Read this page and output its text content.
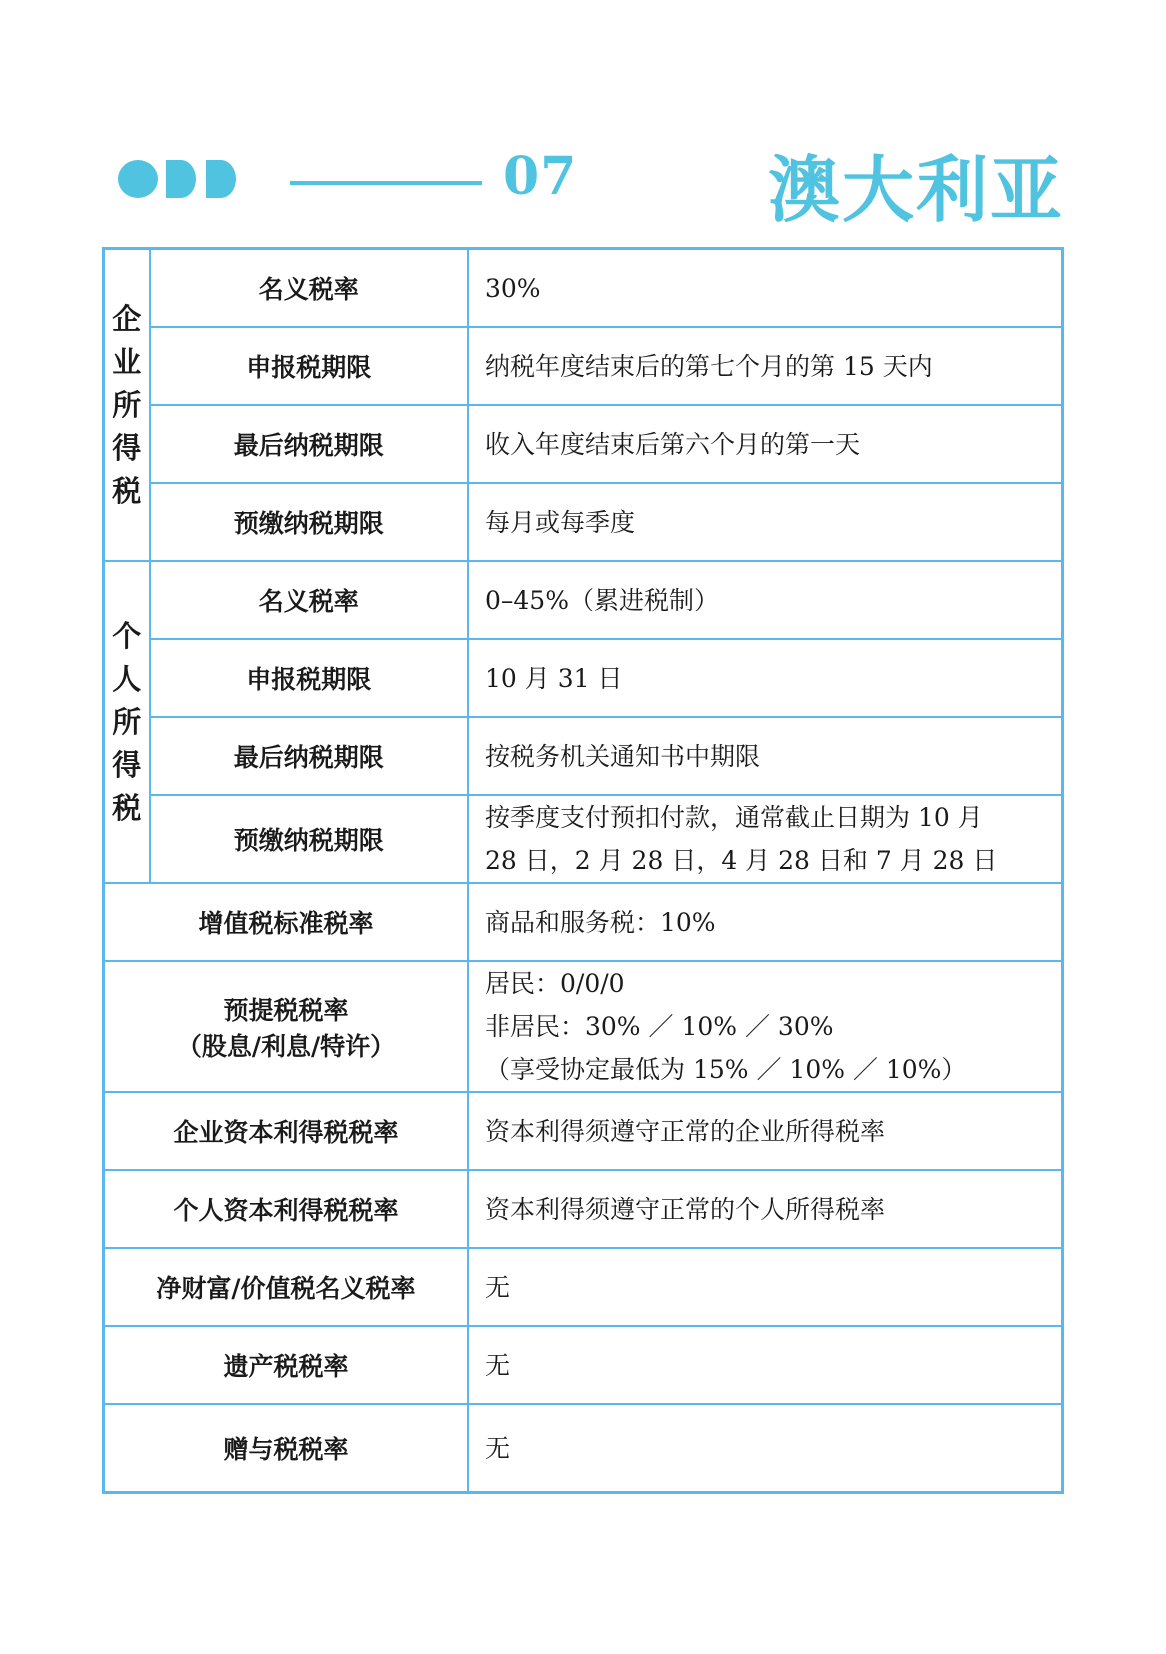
07	澳大利亚
企
业
所
得
税	名义税率	30%
	申报税期限	纳税年度结束后的第七个月的第 15 天内
	最后纳税期限	收入年度结束后第六个月的第一天
	预缴纳税期限	每月或每季度

个
人
所
得
税	名义税率	0–45%（累进税制）
	申报税期限	10 月 31 日
	最后纳税期限	按税务机关通知书中期限
	预缴纳税期限	按季度支付预扣付款，通常截止日期为 10 月
28 日，2 月 28 日，4 月 28 日和 7 月 28 日
增值税标准税率		商品和服务税：10%

预提税税率
（股息/利息/特许）		居民：0/0/0
非居民：30% ／ 10% ／ 30%
（享受协定最低为 15% ／ 10% ／ 10%）
企业资本利得税税率		资本利得须遵守正常的企业所得税率
个人资本利得税税率		资本利得须遵守正常的个人所得税率
净财富/价值税名义税率		无
遗产税税率		无
赠与税税率		无
